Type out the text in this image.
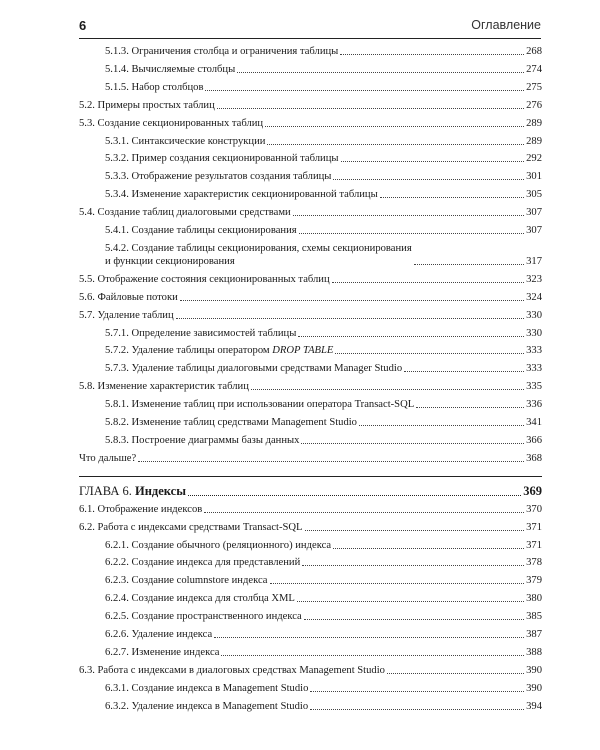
6	Оглавление
5.1.3. Ограничения столбца и ограничения таблицы	268
5.1.4. Вычисляемые столбцы	274
5.1.5. Набор столбцов	275
5.2. Примеры простых таблиц	276
5.3. Создание секционированных таблиц	289
5.3.1. Синтаксические конструкции	289
5.3.2. Пример создания секционированной таблицы	292
5.3.3. Отображение результатов создания таблицы	301
5.3.4. Изменение характеристик секционированной таблицы	305
5.4. Создание таблиц диалоговыми средствами	307
5.4.1. Создание таблицы секционирования	307
5.4.2. Создание таблицы секционирования, схемы секционирования
и функции секционирования	317
5.5. Отображение состояния секционированных таблиц	323
5.6. Файловые потоки	324
5.7. Удаление таблиц	330
5.7.1. Определение зависимостей таблицы	330
5.7.2. Удаление таблицы оператором DROP TABLE	333
5.7.3. Удаление таблицы диалоговыми средствами Manager Studio	333
5.8. Изменение характеристик таблиц	335
5.8.1. Изменение таблиц при использовании оператора Transact-SQL	336
5.8.2. Изменение таблиц средствами Management Studio	341
5.8.3. Построение диаграммы базы данных	366
Что дальше?	368
ГЛАВА 6. Индексы	369
6.1. Отображение индексов	370
6.2. Работа с индексами средствами Transact-SQL	371
6.2.1. Создание обычного (реляционного) индекса	371
6.2.2. Создание индекса для представлений	378
6.2.3. Создание columnstore индекса	379
6.2.4. Создание индекса для столбца XML	380
6.2.5. Создание пространственного индекса	385
6.2.6. Удаление индекса	387
6.2.7. Изменение индекса	388
6.3. Работа с индексами в диалоговых средствах Management Studio	390
6.3.1. Создание индекса в Management Studio	390
6.3.2. Удаление индекса в Management Studio	394
